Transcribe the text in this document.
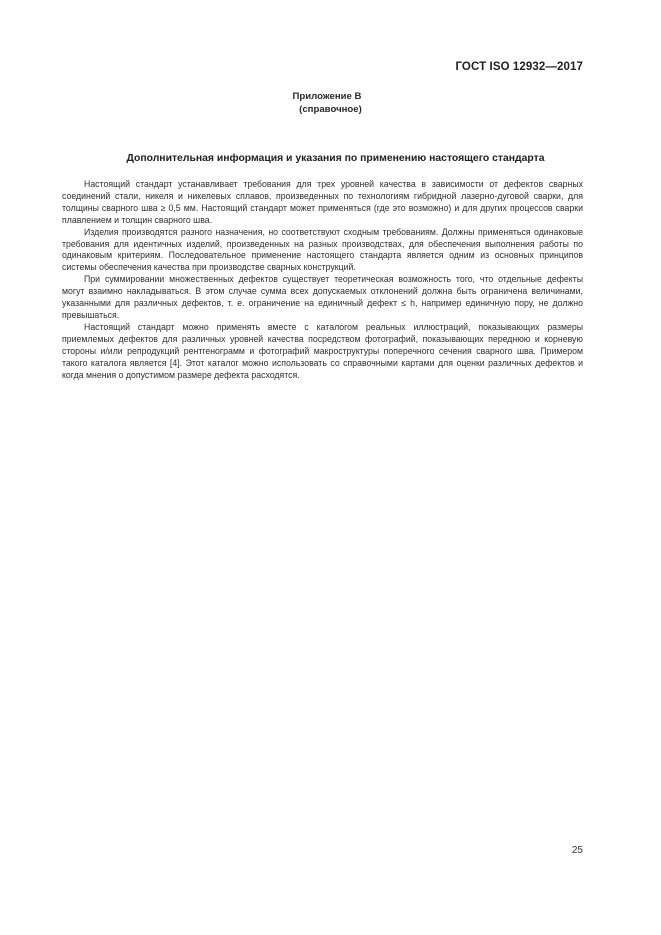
ГОСТ ISO 12932—2017
Приложение В
(справочное)
Дополнительная информация и указания по применению настоящего стандарта

Настоящий стандарт устанавливает требования для трех уровней качества в зависимости от дефектов сварных соединений стали, никеля и никелевых сплавов, произведенных по технологиям гибридной лазерно-дуговой сварки, для толщины сварного шва ≥ 0,5 мм. Настоящий стандарт может применяться (где это возможно) и для других процессов сварки плавлением и толщин сварного шва.

Изделия производятся разного назначения, но соответствуют сходным требованиям. Должны применяться одинаковые требования для идентичных изделий, произведенных на разных производствах, для обеспечения выполнения работы по одинаковым критериям. Последовательное применение настоящего стандарта является одним из основных принципов системы обеспечения качества при производстве сварных конструкций.

При суммировании множественных дефектов существует теоретическая возможность того, что отдельные дефекты могут взаимно накладываться. В этом случае сумма всех допускаемых отклонений должна быть ограничена величинами, указанными для различных дефектов, т. е. ограничение на единичный дефект ≤ h, например единичную пору, не должно превышаться.

Настоящий стандарт можно применять вместе с каталогом реальных иллюстраций, показывающих размеры приемлемых дефектов для различных уровней качества посредством фотографий, показывающих переднюю и корневую стороны и/или репродукций рентгенограмм и фотографий макроструктуры поперечного сечения сварного шва. Примером такого каталога является [4]. Этот каталог можно использовать со справочными картами для оценки различных дефектов и когда мнения о допустимом размере дефекта расходятся.

25
